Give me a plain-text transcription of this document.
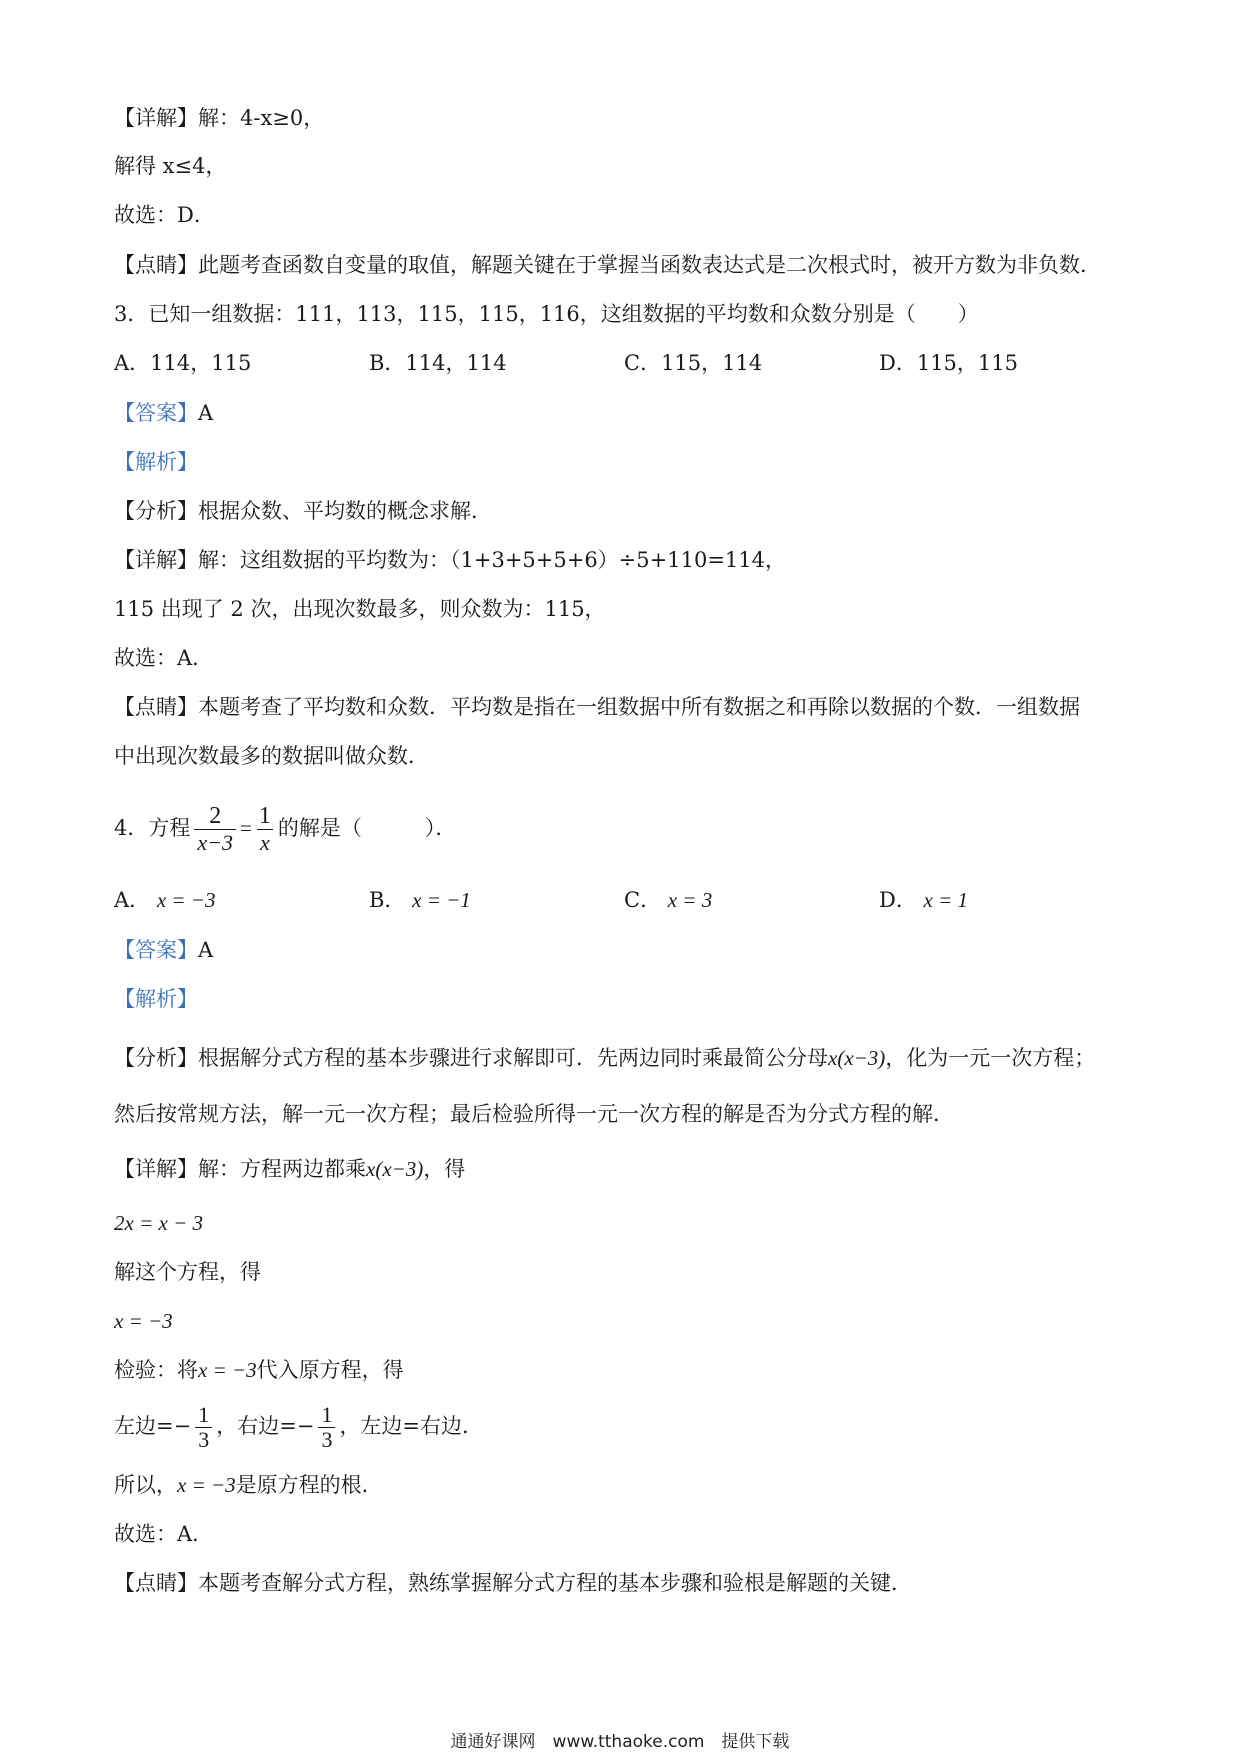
【详解】解：4-x≥0，
解得 x≤4，
故选：D．
【点睛】此题考查函数自变量的取值，解题关键在于掌握当函数表达式是二次根式时，被开方数为非负数．
3．已知一组数据：111，113，115，115，116，这组数据的平均数和众数分别是（　　）
A．114，115	B．114，114	C．115，114	D．115，115
【答案】A
【解析】
【分析】根据众数、平均数的概念求解．
【详解】解：这组数据的平均数为：（1+3+5+5+6）÷5+110=114，
115 出现了 2 次，出现次数最多，则众数为：115，
故选：A．
【点睛】本题考查了平均数和众数．平均数是指在一组数据中所有数据之和再除以数据的个数．一组数据
中出现次数最多的数据叫做众数．
4．方程 $\frac{2}{x-3} = \frac{1}{x}$ 的解是（　　　）．
A． x = −3	B． x = −1	C． x = 3	D． x = 1
【答案】A
【解析】
【分析】根据解分式方程的基本步骤进行求解即可．先两边同时乘最简公分母x(x−3)，化为一元一次方程；
然后按常规方法，解一元一次方程；最后检验所得一元一次方程的解是否为分式方程的解．
【详解】解：方程两边都乘x(x−3)，得
2x = x − 3
解这个方程，得
x = −3
检验：将x = −3代入原方程，得
左边=− $\frac{1}{3}$ ，右边=− $\frac{1}{3}$ ，左边=右边．
所以，x = −3是原方程的根．
故选：A．
【点睛】本题考查解分式方程，熟练掌握解分式方程的基本步骤和验根是解题的关键．
通通好课网　www.tthaoke.com　提供下载
